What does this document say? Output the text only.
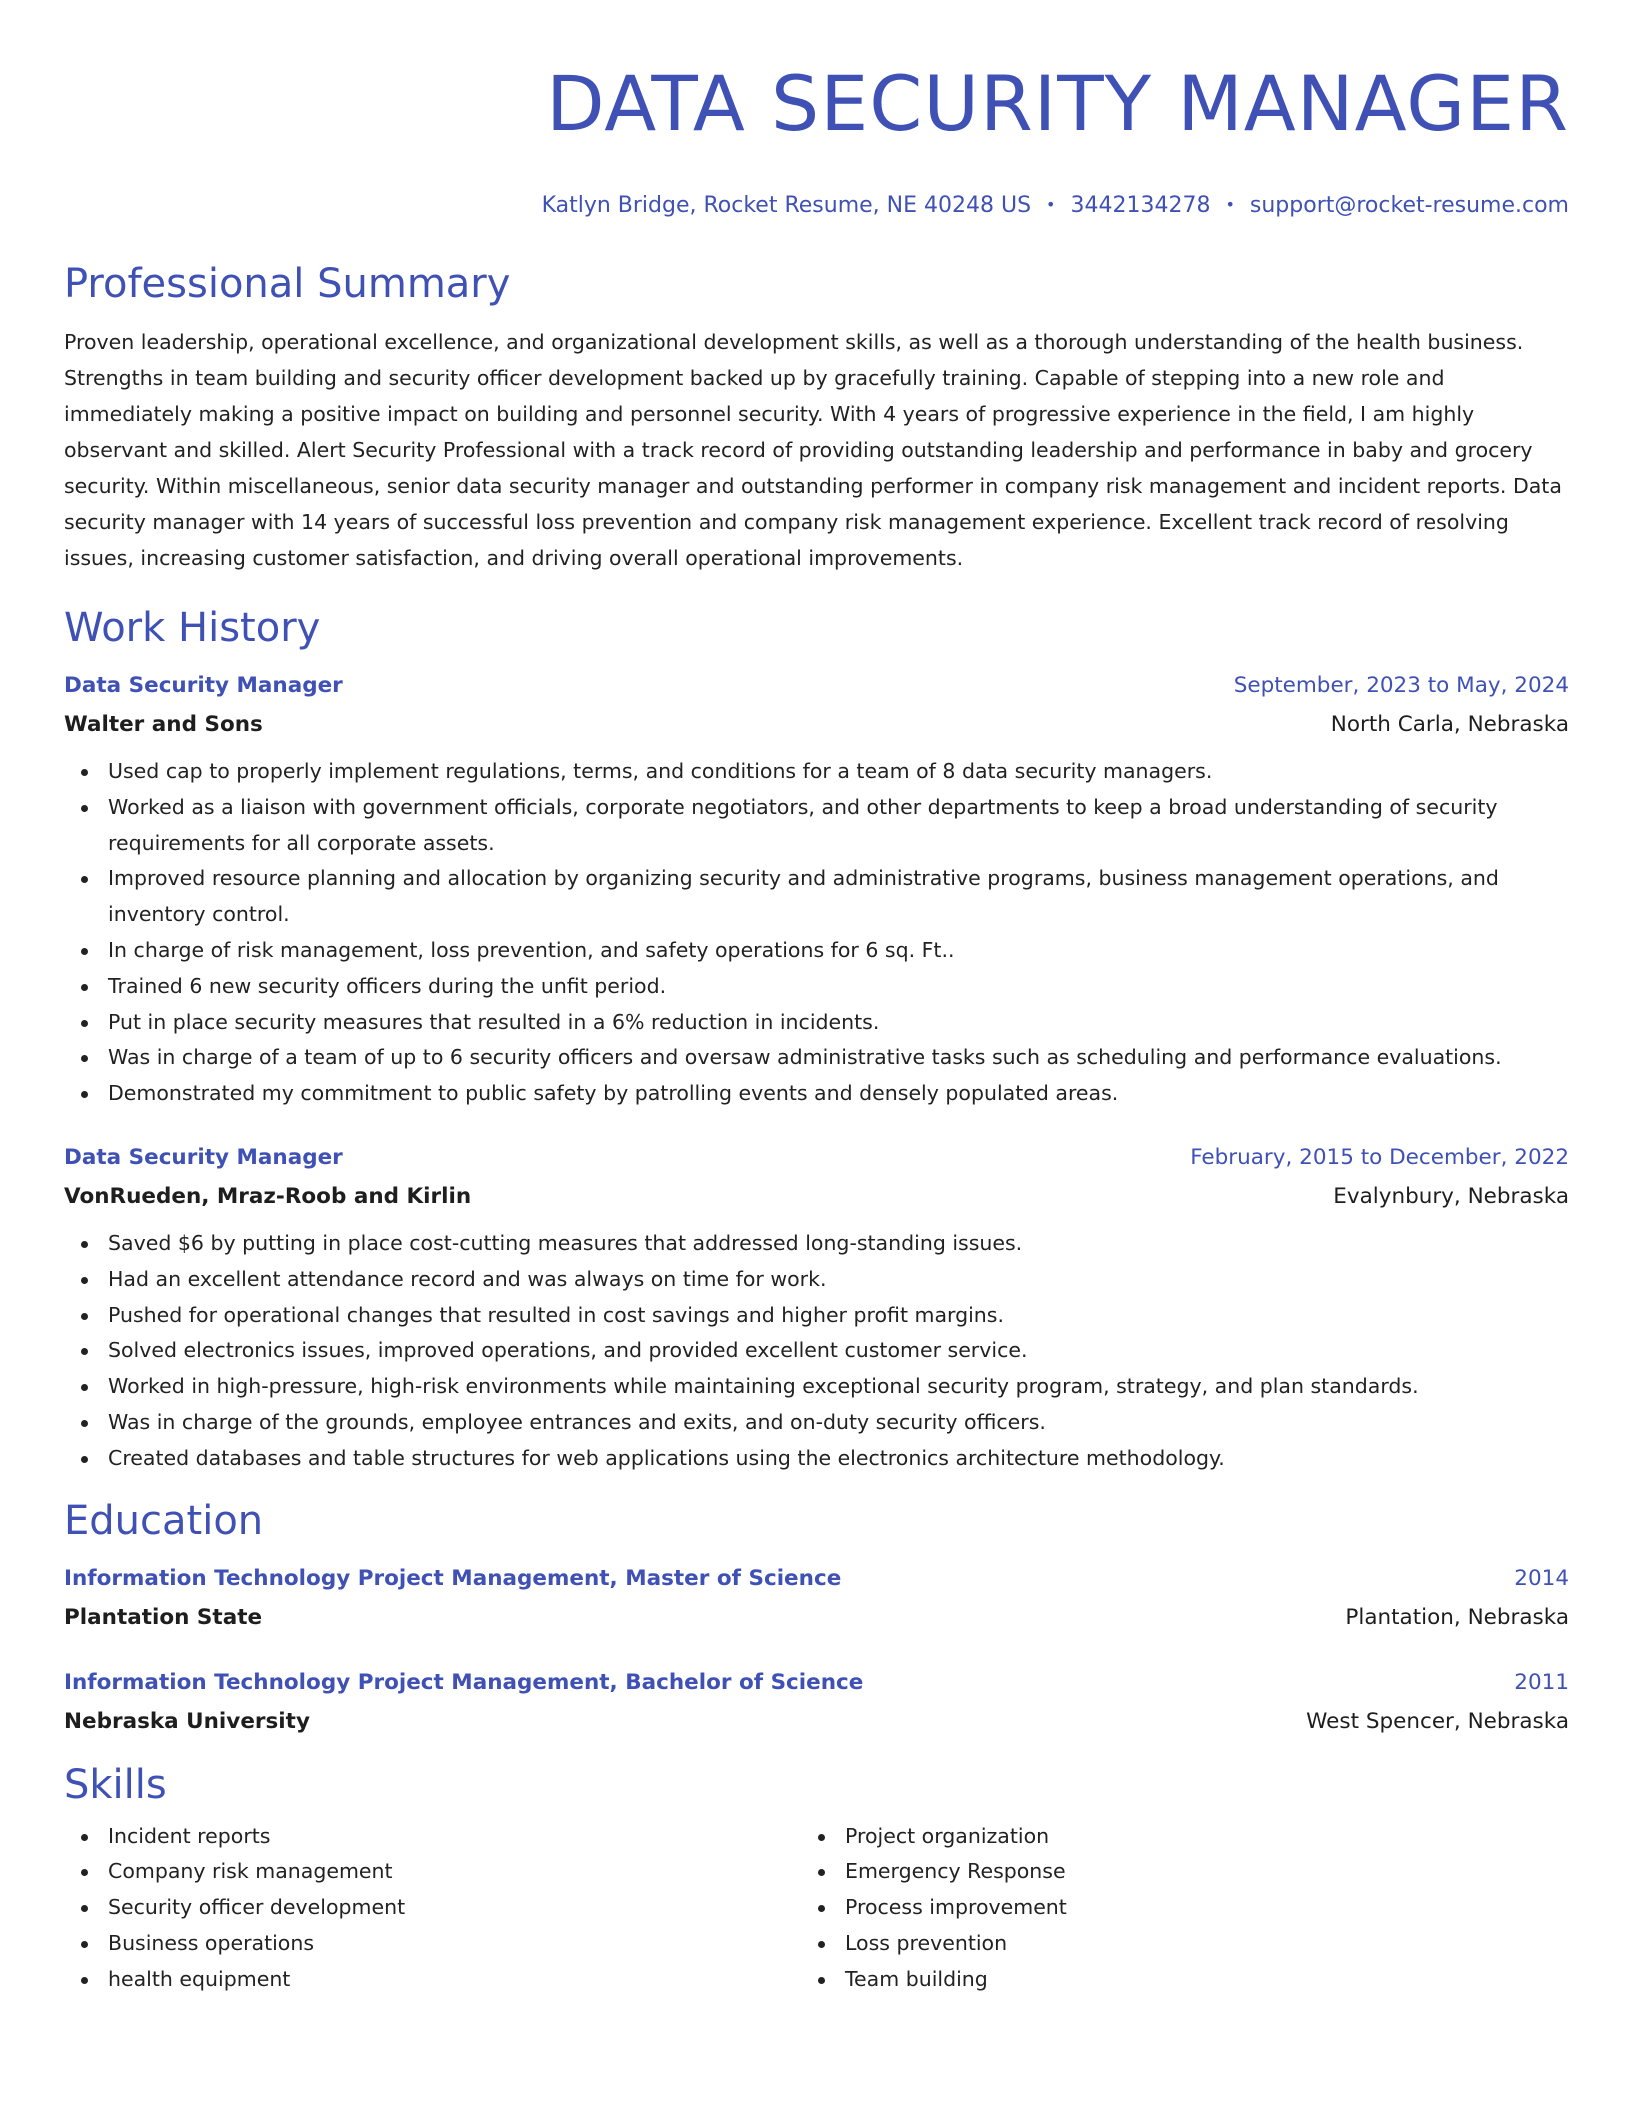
DATA SECURITY MANAGER
Katlyn Bridge, Rocket Resume, NE 40248 US • 3442134278 • support@rocket-resume.com
Professional Summary

Proven leadership, operational excellence, and organizational development skills, as well as a thorough understanding of the health business. Strengths in team building and security officer development backed up by gracefully training. Capable of stepping into a new role and immediately making a positive impact on building and personnel security. With 4 years of progressive experience in the field, I am highly observant and skilled. Alert Security Professional with a track record of providing outstanding leadership and performance in baby and grocery security. Within miscellaneous, senior data security manager and outstanding performer in company risk management and incident reports. Data security manager with 14 years of successful loss prevention and company risk management experience. Excellent track record of resolving issues, increasing customer satisfaction, and driving overall operational improvements.

Work History
Data Security Manager	September, 2023 to May, 2024
Walter and Sons	North Carla, Nebraska
Used cap to properly implement regulations, terms, and conditions for a team of 8 data security managers.
Worked as a liaison with government officials, corporate negotiators, and other departments to keep a broad understanding of security requirements for all corporate assets.
Improved resource planning and allocation by organizing security and administrative programs, business management operations, and inventory control.
In charge of risk management, loss prevention, and safety operations for 6 sq. Ft..
Trained 6 new security officers during the unfit period.
Put in place security measures that resulted in a 6% reduction in incidents.
Was in charge of a team of up to 6 security officers and oversaw administrative tasks such as scheduling and performance evaluations.
Demonstrated my commitment to public safety by patrolling events and densely populated areas.
Data Security Manager	February, 2015 to December, 2022
VonRueden, Mraz-Roob and Kirlin	Evalynbury, Nebraska
Saved $6 by putting in place cost-cutting measures that addressed long-standing issues.
Had an excellent attendance record and was always on time for work.
Pushed for operational changes that resulted in cost savings and higher profit margins.
Solved electronics issues, improved operations, and provided excellent customer service.
Worked in high-pressure, high-risk environments while maintaining exceptional security program, strategy, and plan standards.
Was in charge of the grounds, employee entrances and exits, and on-duty security officers.
Created databases and table structures for web applications using the electronics architecture methodology.
Education
Information Technology Project Management, Master of Science	2014
Plantation State	Plantation, Nebraska
Information Technology Project Management, Bachelor of Science	2011
Nebraska University	West Spencer, Nebraska
Skills
Incident reports
Company risk management
Security officer development
Business operations
health equipment
Project organization
Emergency Response
Process improvement
Loss prevention
Team building
